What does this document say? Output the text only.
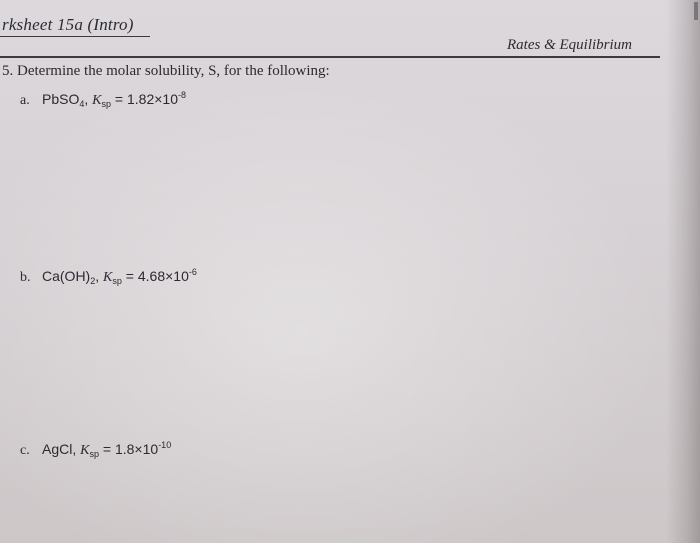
rksheet 15a (Intro)
Rates & Equilibrium
5. Determine the molar solubility, S, for the following:
a. PbSO$_4$, $K_{sp} = 1.82\times 10^{-8}$
b. $Ca(OH)_2$, $K_{sp} = 4.68\times 10^{-6}$
c. AgCl, $K_{sp} = 1.8\times 10^{-10}$
